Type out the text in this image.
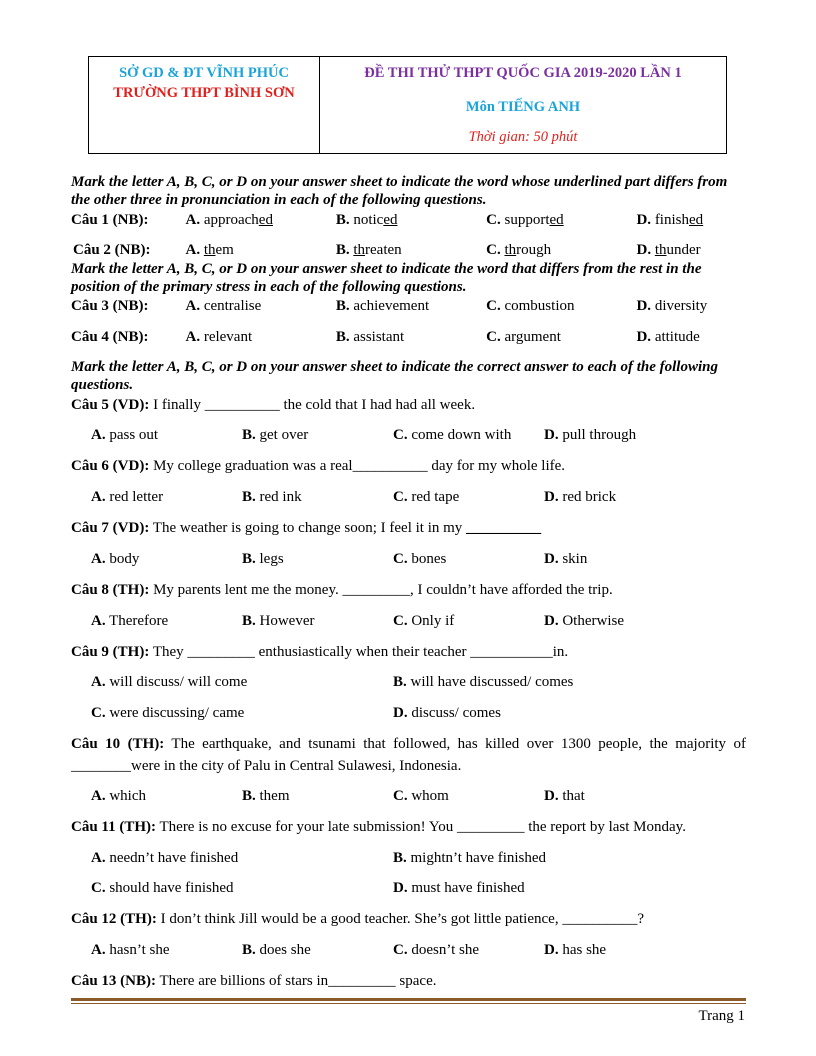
SỞ GD & ĐT VĨNH PHÚC
TRƯỜNG THPT BÌNH SƠN
ĐỀ THI THỬ THPT QUỐC GIA 2019-2020 LẦN 1
Môn TIẾNG ANH
Thời gian: 50 phút
Mark the letter A, B, C, or D on your answer sheet to indicate the word whose underlined part differs from the other three in pronunciation in each of the following questions.
Câu 1 (NB):	A. approached	B. noticed	C. supported	D. finished
Câu 2 (NB):	A. them	B. threaten	C. through	D. thunder
Mark the letter A, B, C, or D on your answer sheet to indicate the word that differs from the rest in the position of the primary stress in each of the following questions.
Câu 3 (NB):	A. centralise	B. achievement	C. combustion	D. diversity
Câu 4 (NB):	A. relevant	B. assistant	C. argument	D. attitude
Mark the letter A, B, C, or D on your answer sheet to indicate the correct answer to each of the following questions.
Câu 5 (VD): I finally __________ the cold that I had had all week.
A. pass out	B. get over	C. come down with	D. pull through
Câu 6 (VD): My college graduation was a real__________ day for my whole life.
A. red letter	B. red ink	C. red tape	D. red brick
Câu 7 (VD): The weather is going to change soon; I feel it in my __________
A. body	B. legs	C. bones	D. skin
Câu 8 (TH): My parents lent me the money. _________, I couldn’t have afforded the trip.
A. Therefore	B. However	C. Only if	D. Otherwise
Câu 9 (TH): They _________ enthusiastically when their teacher ___________in.
A. will discuss/ will come	B. will have discussed/ comes
C. were discussing/ came	D. discuss/ comes
Câu 10 (TH): The earthquake, and tsunami that followed, has killed over 1300 people, the majority of ________were in the city of Palu in Central Sulawesi, Indonesia.
A. which	B. them	C. whom	D. that
Câu 11 (TH): There is no excuse for your late submission! You _________ the report by last Monday.
A. needn’t have finished	B. mightn’t have finished
C. should have finished	D. must have finished
Câu 12 (TH): I don’t think Jill would be a good teacher. She’s got little patience, __________?
A. hasn’t she	B. does she	C. doesn’t she	D. has she
Câu 13 (NB): There are billions of stars in_________ space.
Trang 1
